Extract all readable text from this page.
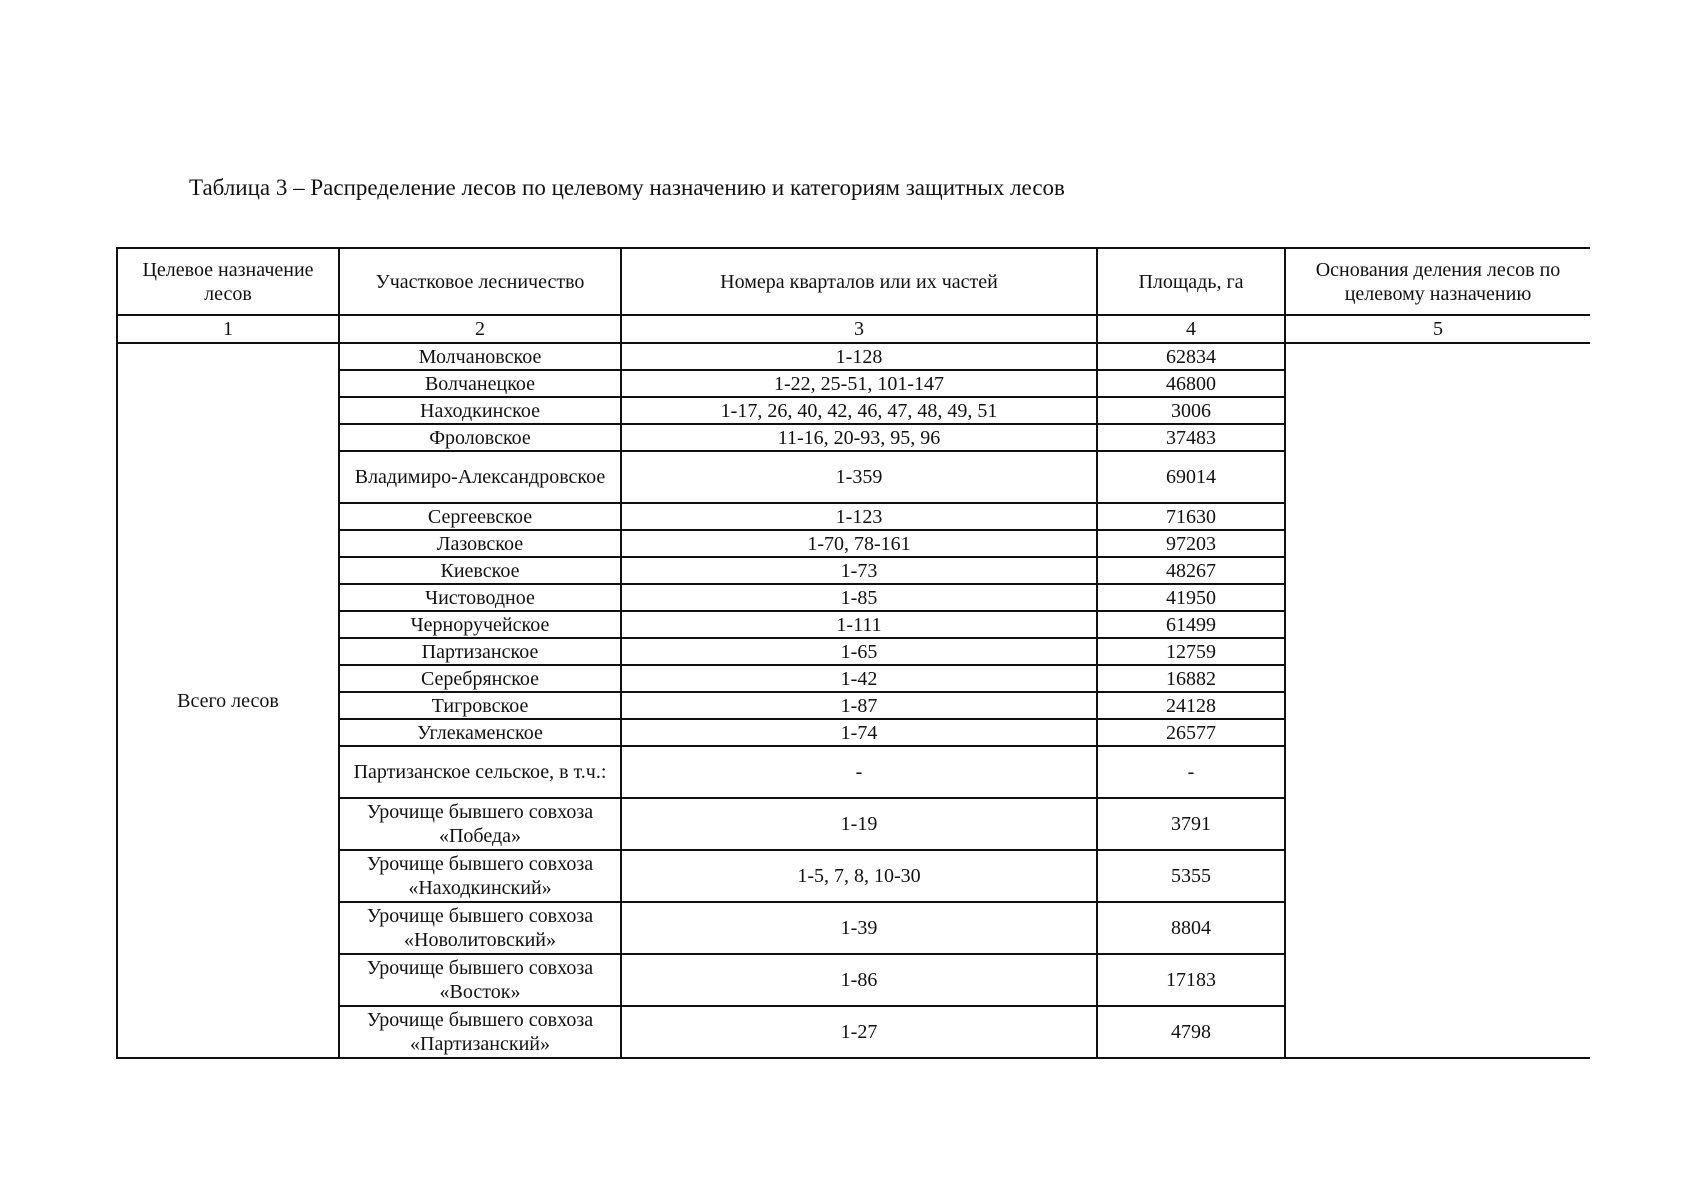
Таблица 3 – Распределение лесов по целевому назначению и категориям защитных лесов
Целевое назначение лесов	Участковое лесничество	Номера кварталов или их частей	Площадь, га	Основания деления лесов по целевому назначению
1	2	3	4	5
Всего лесов	Молчановское	1-128	62834	
	Волчанецкое	1-22, 25-51, 101-147	46800	
	Находкинское	1-17, 26, 40, 42, 46, 47, 48, 49, 51	3006	
	Фроловское	11-16, 20-93, 95, 96	37483	
	Владимиро-Александровское	1-359	69014	
	Сергеевское	1-123	71630	
	Лазовское	1-70, 78-161	97203	
	Киевское	1-73	48267	
	Чистоводное	1-85	41950	
	Черноручейское	1-111	61499	
	Партизанское	1-65	12759	
	Серебрянское	1-42	16882	
	Тигровское	1-87	24128	
	Углекаменское	1-74	26577	
	Партизанское сельское, в т.ч.:	-	-	
	Урочище бывшего совхоза «Победа»	1-19	3791	
	Урочище бывшего совхоза «Находкинский»	1-5, 7, 8, 10-30	5355	
	Урочище бывшего совхоза «Новолитовский»	1-39	8804	
	Урочище бывшего совхоза «Восток»	1-86	17183	
	Урочище бывшего совхоза «Партизанский»	1-27	4798	
